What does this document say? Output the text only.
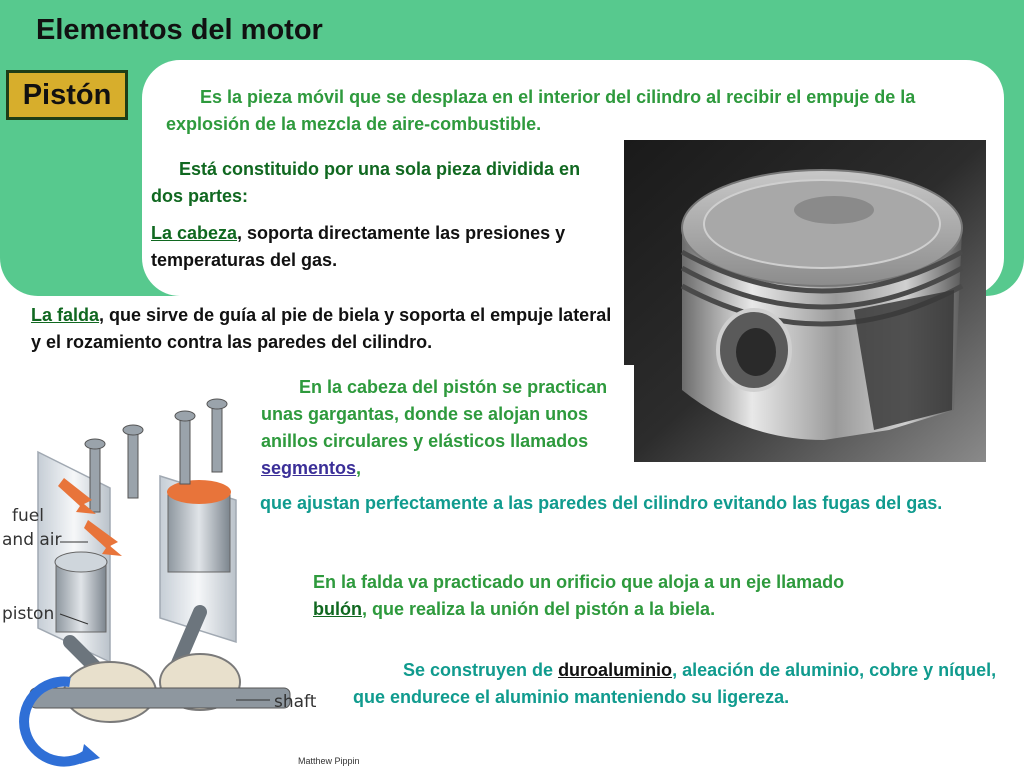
Elementos del motor
Pistón	Es la pieza móvil que se desplaza en el interior del cilindro al recibir el empuje de la explosión de la mezcla de aire-combustible.
Está constituido por una sola pieza dividida en dos partes:
La cabeza, soporta directamente las presiones y temperaturas del gas.
La falda, que sirve de guía al pie de biela y soporta el empuje lateral y el rozamiento contra las paredes del cilindro.
En la cabeza del pistón se practican unas gargantas, donde se alojan unos anillos circulares y elásticos llamados segmentos,
que ajustan perfectamente a las paredes del cilindro evitando las fugas del gas.
En la falda va practicado un orificio que aloja a un eje llamado bulón, que realiza la unión del pistón a la biela.
Se construyen de duroaluminio, aleación de aluminio, cobre y níquel, que endurece el aluminio manteniendo su ligereza.
fuel
and air
piston
shaft
Matthew Pippin
